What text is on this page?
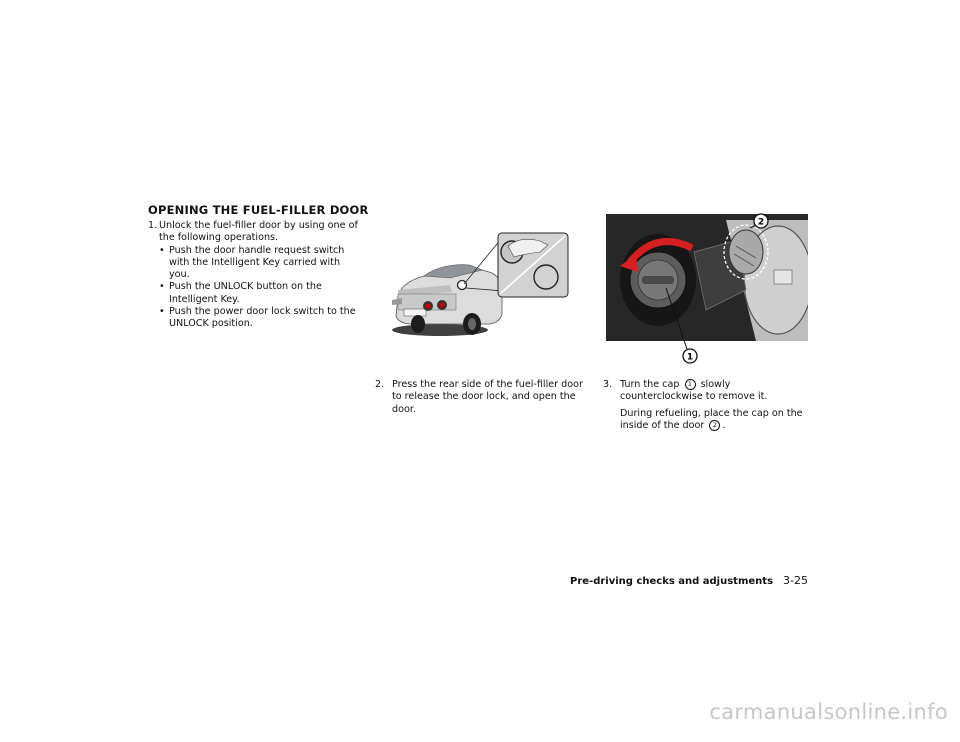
OPENING THE FUEL-FILLER DOOR
1. Unlock the fuel-filler door by using one of the following operations.
• Push the door handle request switch with the Intelligent Key carried with you.
• Push the UNLOCK button on the Intelligent Key.
• Push the power door lock switch to the UNLOCK position.
1
2
2. Press the rear side of the fuel-filler door to release the door lock, and open the door.
3. Turn the cap 1 slowly counterclockwise to remove it.

During refueling, place the cap on the inside of the door 2 .

Pre-driving checks and adjustments 3-25
carmanualsonline.info
